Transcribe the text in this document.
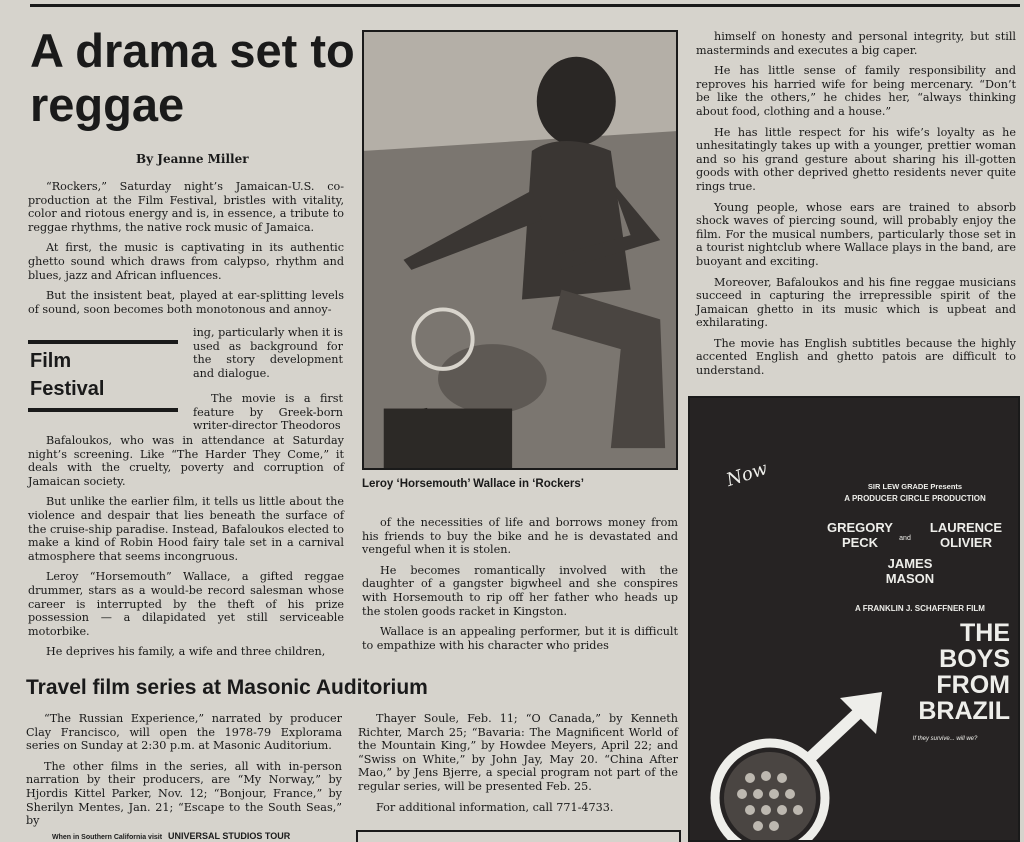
A drama set to reggae
By Jeanne Miller

“Rockers,” Saturday night’s Jamaican-U.S. co-production at the Film Festival, bristles with vitality, color and riotous energy and is, in essence, a tribute to reggae rhythms, the native rock music of Jamaica.

At first, the music is captivating in its authentic ghetto sound which draws from calypso, rhythm and blues, jazz and African influences.

But the insistent beat, played at ear-splitting levels of sound, soon becomes both monotonous and annoy-

Film
Festival

ing, particularly when it is used as background for the story development and dialogue.

The movie is a first feature by Greek-born writer-director Theodoros

Bafaloukos, who was in attendance at Saturday night’s screening. Like “The Harder They Come,” it deals with the cruelty, poverty and corruption of Jamaican society.

But unlike the earlier film, it tells us little about the violence and despair that lies beneath the surface of the cruise-ship paradise. Instead, Bafaloukos elected to make a kind of Robin Hood fairy tale set in a carnival atmosphere that seems incongruous.

Leroy “Horsemouth” Wallace, a gifted reggae drummer, stars as a would-be record salesman whose career is interrupted by the theft of his prize possession — a dilapidated yet still serviceable motorbike.

He deprives his family, a wife and three children,

Leroy ‘Horsemouth’ Wallace in ‘Rockers’

of the necessities of life and borrows money from his friends to buy the bike and he is devastated and vengeful when it is stolen.

He becomes romantically involved with the daughter of a gangster bigwheel and she conspires with Horsemouth to rip off her father who heads up the stolen goods racket in Kingston.

Wallace is an appealing performer, but it is difficult to empathize with his character who prides

himself on honesty and personal integrity, but still masterminds and executes a big caper.

He has little sense of family responsibility and reproves his harried wife for being mercenary. “Don’t be like the others,” he chides her, “always thinking about food, clothing and a house.”

He has little respect for his wife’s loyalty as he unhesitatingly takes up with a younger, prettier woman and so his grand gesture about sharing his ill-gotten goods with other deprived ghetto residents never quite rings true.

Young people, whose ears are trained to absorb shock waves of piercing sound, will probably enjoy the film. For the musical numbers, particularly those set in a tourist nightclub where Wallace plays in the band, are buoyant and exciting.

Moreover, Bafaloukos and his fine reggae musicians succeed in capturing the irrepressible spirit of the Jamaican ghetto in its music which is upbeat and exhilarating.

The movie has English subtitles because the highly accented English and ghetto patois are difficult to understand.

Travel film series at Masonic Auditorium

“The Russian Experience,” narrated by producer Clay Francisco, will open the 1978-79 Explorama series on Sunday at 2:30 p.m. at Masonic Auditorium.

The other films in the series, all with in-person narration by their producers, are “My Norway,” by Hjordis Kittel Parker, Nov. 12; “Bonjour, France,” by Sherilyn Mentes, Jan. 21; “Escape to the South Seas,” by

Thayer Soule, Feb. 11; “O Canada,” by Kenneth Richter, March 25; “Bavaria: The Magnificent World of the Mountain King,” by Howdee Meyers, April 22; and “Swiss on White,” by John Jay, May 20. “China After Mao,” by Jens Bjerre, a special program not part of the regular series, will be presented Feb. 25.

For additional information, call 771-4733.

Now	SIR LEW GRADE Presents
A PRODUCER CIRCLE PRODUCTION
GREGORY PECK	and
LAURENCE OLIVIER
JAMES MASON
A FRANKLIN J. SCHAFFNER FILM
THE BOYS FROM BRAZIL
If they survive... will we?
When in Southern California visit UNIVERSAL STUDIOS TOUR
